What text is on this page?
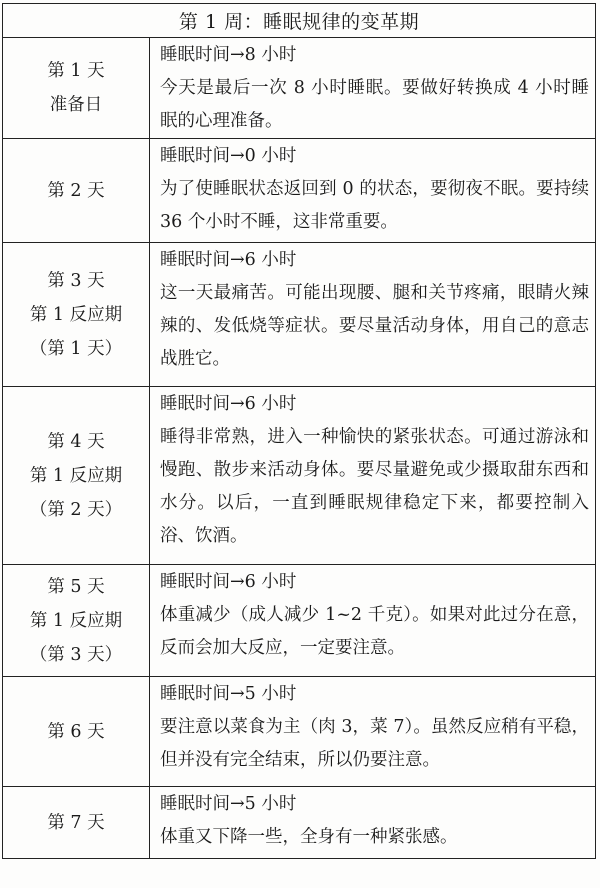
第 1 周：睡眠规律的变革期	

第 1 天
准备日	睡眠时间→8 小时
今天是最后一次 8 小时睡眠。要做好转换成 4 小时睡眠的心理准备。

第 2 天	睡眠时间→0 小时
为了使睡眠状态返回到 0 的状态，要彻夜不眠。要持续 36 个小时不睡，这非常重要。

第 3 天
第 1 反应期
（第 1 天）	睡眠时间→6 小时
这一天最痛苦。可能出现腰、腿和关节疼痛，眼睛火辣辣的、发低烧等症状。要尽量活动身体，用自己的意志战胜它。

第 4 天
第 1 反应期
（第 2 天）	睡眠时间→6 小时
睡得非常熟，进入一种愉快的紧张状态。可通过游泳和慢跑、散步来活动身体。要尽量避免或少摄取甜东西和水分。以后，一直到睡眠规律稳定下来，都要控制入浴、饮酒。

第 5 天
第 1 反应期
（第 3 天）	睡眠时间→6 小时
体重减少（成人减少 1~2 千克）。如果对此过分在意，反而会加大反应，一定要注意。

第 6 天	睡眠时间→5 小时
要注意以菜食为主（肉 3，菜 7）。虽然反应稍有平稳，但并没有完全结束，所以仍要注意。

第 7 天	睡眠时间→5 小时
体重又下降一些，全身有一种紧张感。
